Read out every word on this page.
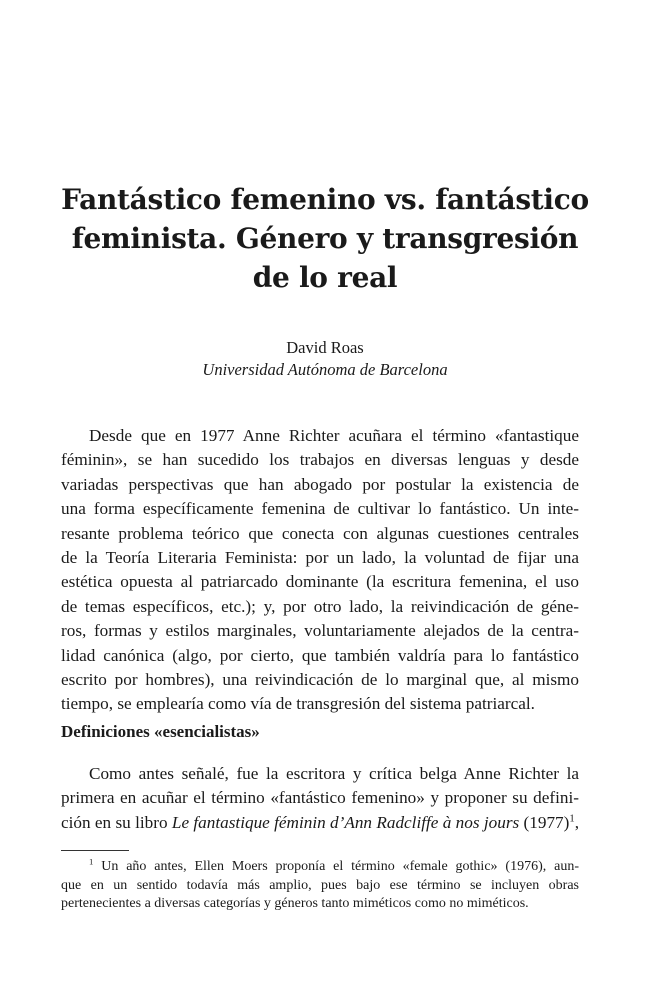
Fantástico femenino vs. fantástico
feminista. Género y transgresión
de lo real
David Roas
Universidad Autónoma de Barcelona
Desde que en 1977 Anne Richter acuñara el término «fantastique
féminin», se han sucedido los trabajos en diversas lenguas y desde
variadas perspectivas que han abogado por postular la existencia de
una forma específicamente femenina de cultivar lo fantástico. Un inte-
resante problema teórico que conecta con algunas cuestiones centrales
de la Teoría Literaria Feminista: por un lado, la voluntad de fijar una
estética opuesta al patriarcado dominante (la escritura femenina, el uso
de temas específicos, etc.); y, por otro lado, la reivindicación de géne-
ros, formas y estilos marginales, voluntariamente alejados de la centra-
lidad canónica (algo, por cierto, que también valdría para lo fantástico
escrito por hombres), una reivindicación de lo marginal que, al mismo
tiempo, se emplearía como vía de transgresión del sistema patriarcal.
Definiciones «esencialistas»
Como antes señalé, fue la escritora y crítica belga Anne Richter la
primera en acuñar el término «fantástico femenino» y proponer su defini-
ción en su libro Le fantastique féminin d’Ann Radcliffe à nos jours $(1977)^1$,
$^1$ Un año antes, Ellen Moers proponía el término «female gothic» (1976), aun-
que en un sentido todavía más amplio, pues bajo ese término se incluyen obras
pertenecientes a diversas categorías y géneros tanto miméticos como no miméticos.
